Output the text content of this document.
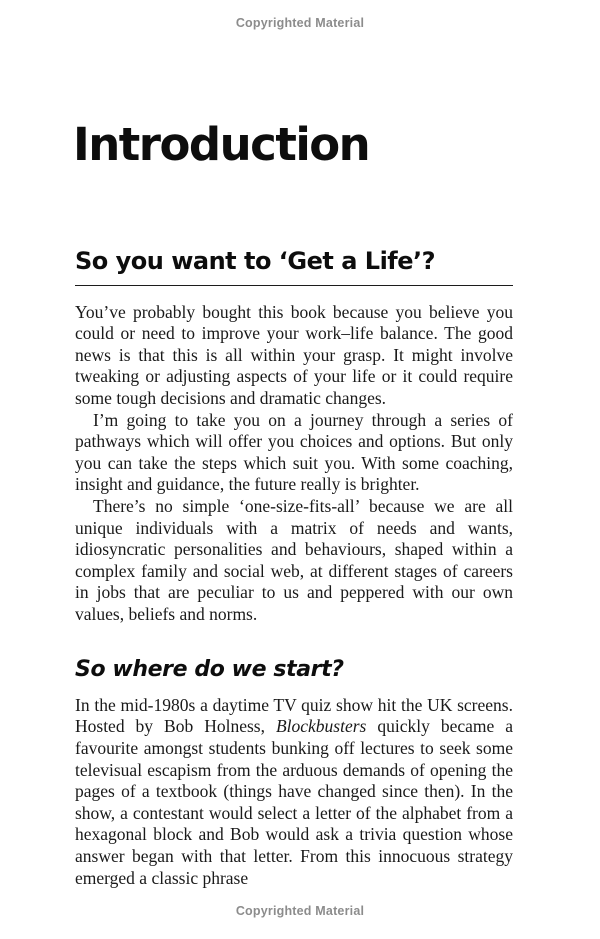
Copyrighted Material
Introduction
So you want to ‘Get a Life’?

You’ve probably bought this book because you believe you could or need to improve your work–life balance. The good news is that this is all within your grasp. It might involve tweaking or adjusting aspects of your life or it could require some tough decisions and dramatic changes.

I’m going to take you on a journey through a series of pathways which will offer you choices and options. But only you can take the steps which suit you. With some coaching, insight and guidance, the future really is brighter.

There’s no simple ‘one-size-fits-all’ because we are all unique individuals with a matrix of needs and wants, idiosyncratic personalities and behaviours, shaped within a complex family and social web, at different stages of careers in jobs that are peculiar to us and peppered with our own values, beliefs and norms.

So where do we start?

In the mid-1980s a daytime TV quiz show hit the UK screens. Hosted by Bob Holness, Blockbusters quickly became a favourite amongst students bunking off lectures to seek some televisual escapism from the arduous demands of opening the pages of a textbook (things have changed since then). In the show, a contestant would select a letter of the alphabet from a hexagonal block and Bob would ask a trivia question whose answer began with that letter. From this innocuous strategy emerged a classic phrase

Copyrighted Material
